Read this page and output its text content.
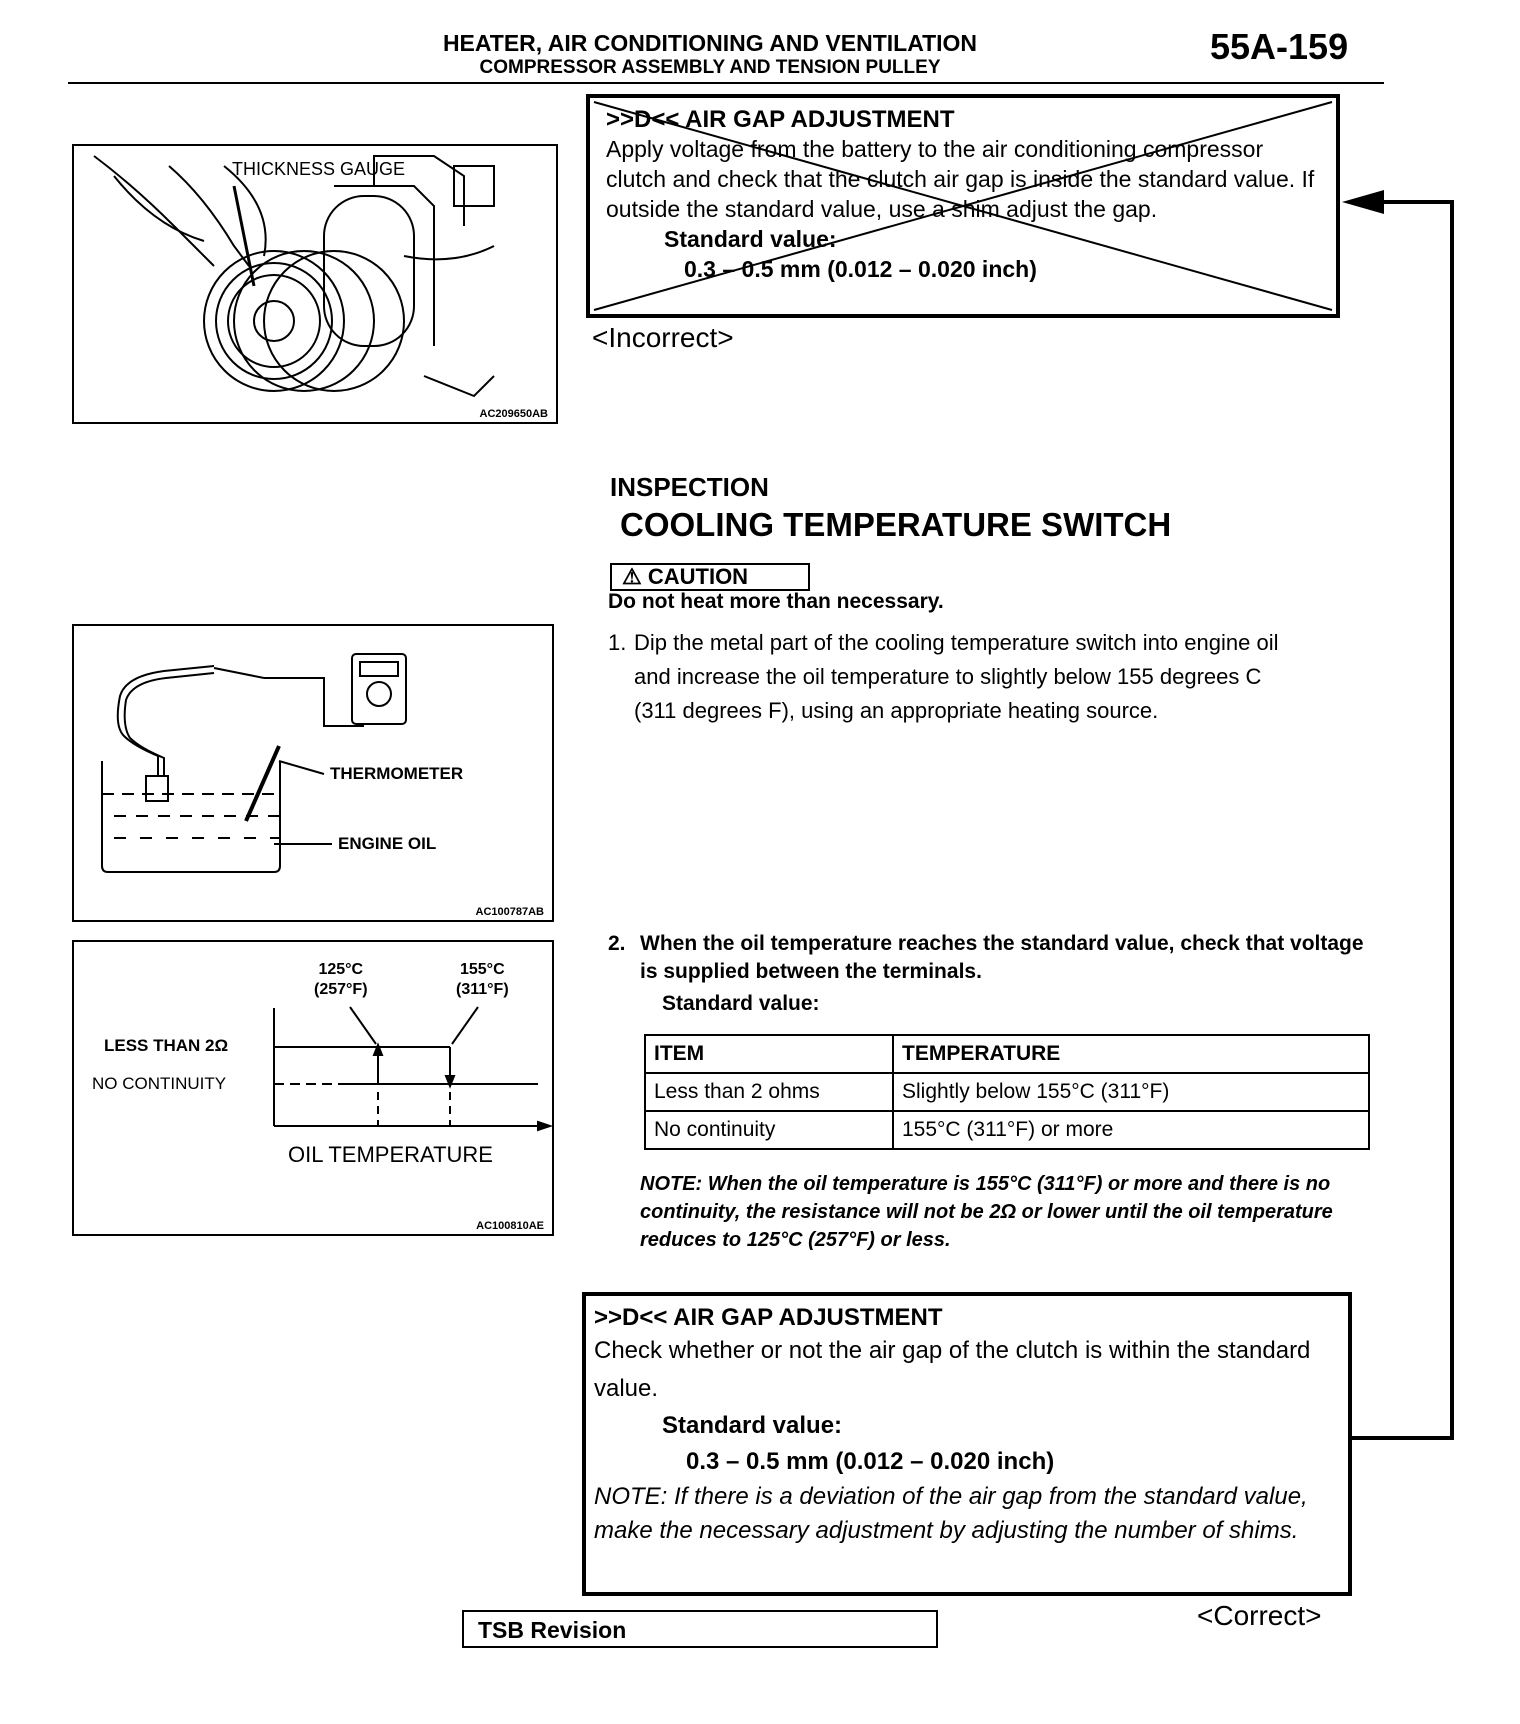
HEATER, AIR CONDITIONING AND VENTILATION
COMPRESSOR ASSEMBLY AND TENSION PULLEY
55A-159
THICKNESS GAUGE
AC209650AB
>>D<< AIR GAP ADJUSTMENT
Apply voltage from the battery to the air conditioning compressor clutch and check that the clutch air gap is inside the standard value. If outside the standard value, use a shim adjust the gap.
Standard value:
0.3 – 0.5 mm (0.012 – 0.020 inch)
<Incorrect>
INSPECTION
COOLING TEMPERATURE SWITCH
⚠ CAUTION
Do not heat more than necessary.
1. Dip the metal part of the cooling temperature switch into engine oil and increase the oil temperature to slightly below 155 degrees C (311 degrees F), using an appropriate heating source.
THERMOMETER
ENGINE OIL
AC100787AB
125°C
(257°F)
155°C
(311°F)
LESS THAN 2Ω
NO CONTINUITY
OIL TEMPERATURE
AC100810AE
2. When the oil temperature reaches the standard value, check that voltage is supplied between the terminals.
Standard value:
ITEM	TEMPERATURE
Less than 2 ohms	Slightly below 155°C (311°F)
No continuity	155°C (311°F) or more
NOTE: When the oil temperature is 155°C (311°F) or more and there is no continuity, the resistance will not be 2Ω or lower until the oil temperature reduces to 125°C (257°F) or less.
>>D<< AIR GAP ADJUSTMENT
Check whether or not the air gap of the clutch is within the standard value.
Standard value:
0.3 – 0.5 mm (0.012 – 0.020 inch)
NOTE: If there is a deviation of the air gap from the standard value, make the necessary adjustment by adjusting the number of shims.
<Correct>
TSB Revision
